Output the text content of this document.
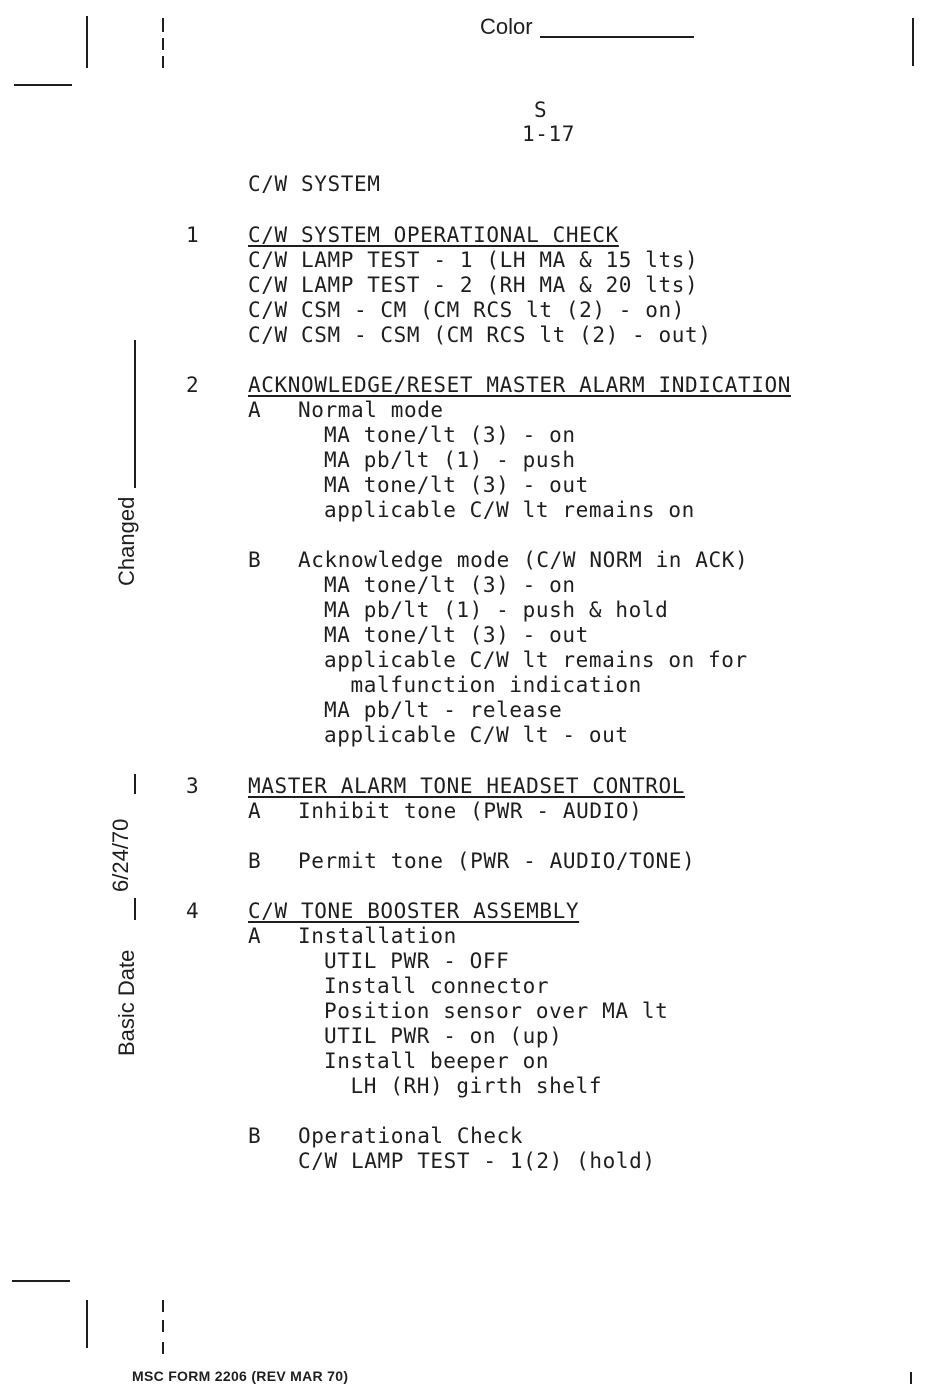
Color
S
1-17
C/W SYSTEM
1 C/W SYSTEM OPERATIONAL CHECK
C/W LAMP TEST - 1 (LH MA & 15 lts)
C/W LAMP TEST - 2 (RH MA & 20 lts)
C/W CSM - CM (CM RCS lt (2) - on)
C/W CSM - CSM (CM RCS lt (2) - out)
2 ACKNOWLEDGE/RESET MASTER ALARM INDICATION
A Normal mode
MA tone/lt (3) - on
MA pb/lt (1) - push
MA tone/lt (3) - out
applicable C/W lt remains on
B Acknowledge mode (C/W NORM in ACK)
MA tone/lt (3) - on
MA pb/lt (1) - push & hold
MA tone/lt (3) - out
applicable C/W lt remains on for
malfunction indication
MA pb/lt - release
applicable C/W lt - out
3 MASTER ALARM TONE HEADSET CONTROL
A Inhibit tone (PWR - AUDIO)
B Permit tone (PWR - AUDIO/TONE)
4 C/W TONE BOOSTER ASSEMBLY
A Installation
UTIL PWR - OFF
Install connector
Position sensor over MA lt
UTIL PWR - on (up)
Install beeper on
LH (RH) girth shelf
B Operational Check
C/W LAMP TEST - 1(2) (hold)
Changed
6/24/70
Basic Date
MSC FORM 2206 (REV MAR 70)
